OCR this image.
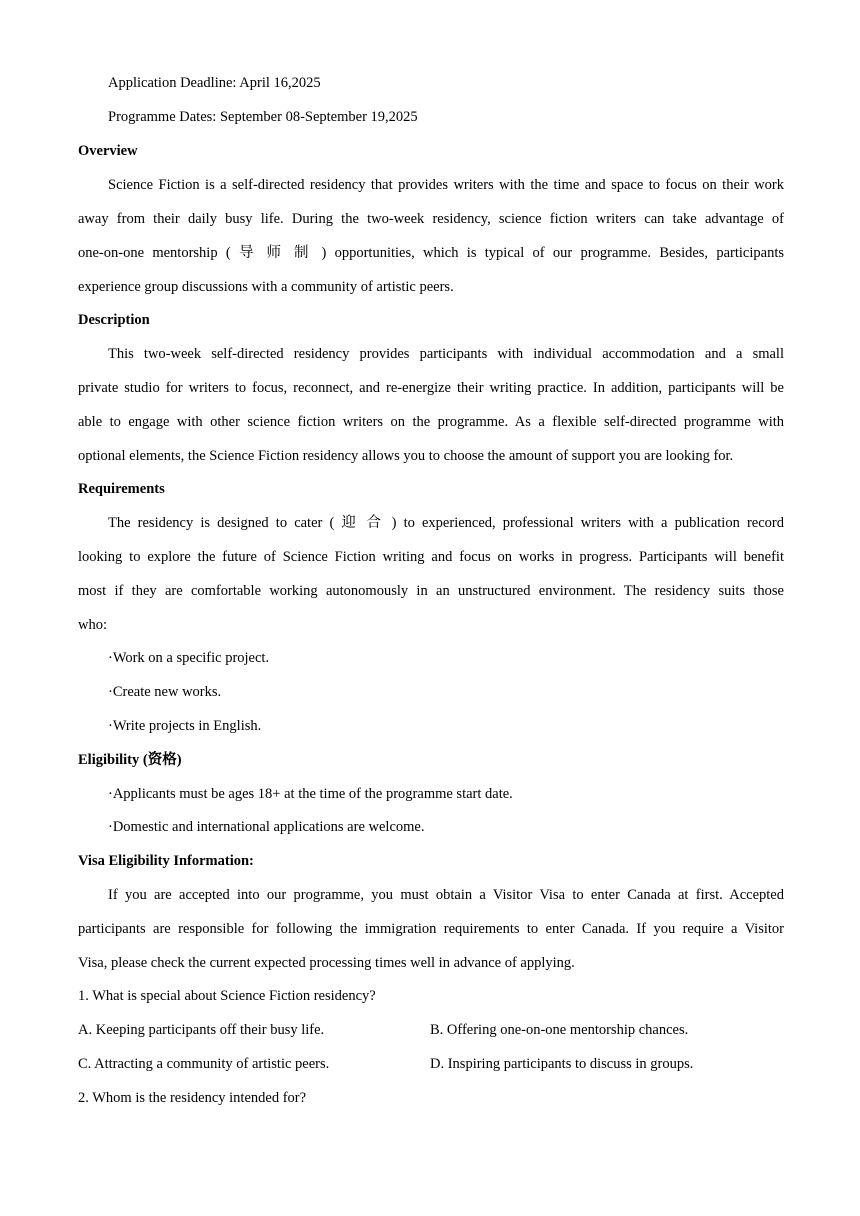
Application Deadline: April 16,2025
Programme Dates: September 08-September 19,2025
Overview
Science Fiction is a self-directed residency that provides writers with the time and space to focus on their work
away from their daily busy life. During the two-week residency, science fiction writers can take advantage of
one-on-one mentorship ( 导 师 制 ) opportunities, which is typical of our programme. Besides, participants
experience group discussions with a community of artistic peers.
Description
This two-week self-directed residency provides participants with individual accommodation and a small
private studio for writers to focus, reconnect, and re-energize their writing practice. In addition, participants will be
able to engage with other science fiction writers on the programme. As a flexible self-directed programme with
optional elements, the Science Fiction residency allows you to choose the amount of support you are looking for.
Requirements
The residency is designed to cater ( 迎 合 ) to experienced, professional writers with a publication record
looking to explore the future of Science Fiction writing and focus on works in progress. Participants will benefit
most if they are comfortable working autonomously in an unstructured environment. The residency suits those
who:
·Work on a specific project.
·Create new works.
·Write projects in English.
Eligibility (资格)
·Applicants must be ages 18+ at the time of the programme start date.
·Domestic and international applications are welcome.
Visa Eligibility Information:
If you are accepted into our programme, you must obtain a Visitor Visa to enter Canada at first. Accepted
participants are responsible for following the immigration requirements to enter Canada. If you require a Visitor
Visa, please check the current expected processing times well in advance of applying.
1. What is special about Science Fiction residency?
A. Keeping participants off their busy life.	B. Offering one-on-one mentorship chances.
C. Attracting a community of artistic peers.	D. Inspiring participants to discuss in groups.
2. Whom is the residency intended for?
